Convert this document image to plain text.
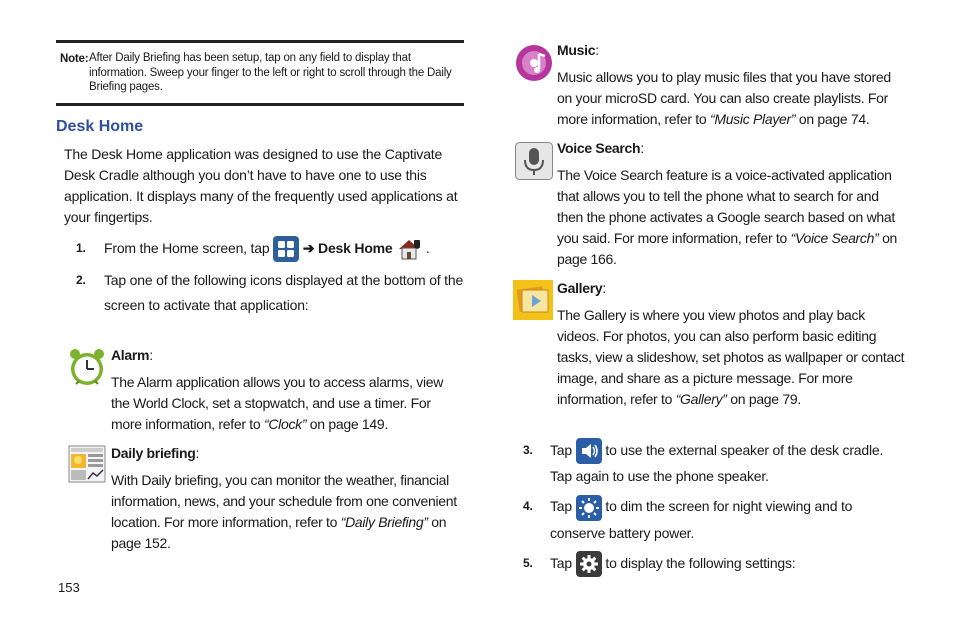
Note: After Daily Briefing has been setup, tap on any field to display that information. Sweep your finger to the left or right to scroll through the Daily Briefing pages.
Desk Home
The Desk Home application was designed to use the Captivate Desk Cradle although you don’t have to have one to use this application. It displays many of the frequently used applications at your fingertips.
1. From the Home screen, tap ➔ Desk Home .
2. Tap one of the following icons displayed at the bottom of the screen to activate that application:
Alarm:
The Alarm application allows you to access alarms, view the World Clock, set a stopwatch, and use a timer. For more information, refer to “Clock” on page 149.
Daily briefing:
With Daily briefing, you can monitor the weather, financial information, news, and your schedule from one convenient location. For more information, refer to “Daily Briefing” on page 152.
153
Music:
Music allows you to play music files that you have stored on your microSD card. You can also create playlists. For more information, refer to “Music Player” on page 74.
Voice Search:
The Voice Search feature is a voice-activated application that allows you to tell the phone what to search for and then the phone activates a Google search based on what you said. For more information, refer to “Voice Search” on page 166.
Gallery:
The Gallery is where you view photos and play back videos. For photos, you can also perform basic editing tasks, view a slideshow, set photos as wallpaper or contact image, and share as a picture message. For more information, refer to “Gallery” on page 79.
3. Tap to use the external speaker of the desk cradle. Tap again to use the phone speaker.
4. Tap to dim the screen for night viewing and to conserve battery power.
5. Tap to display the following settings:
